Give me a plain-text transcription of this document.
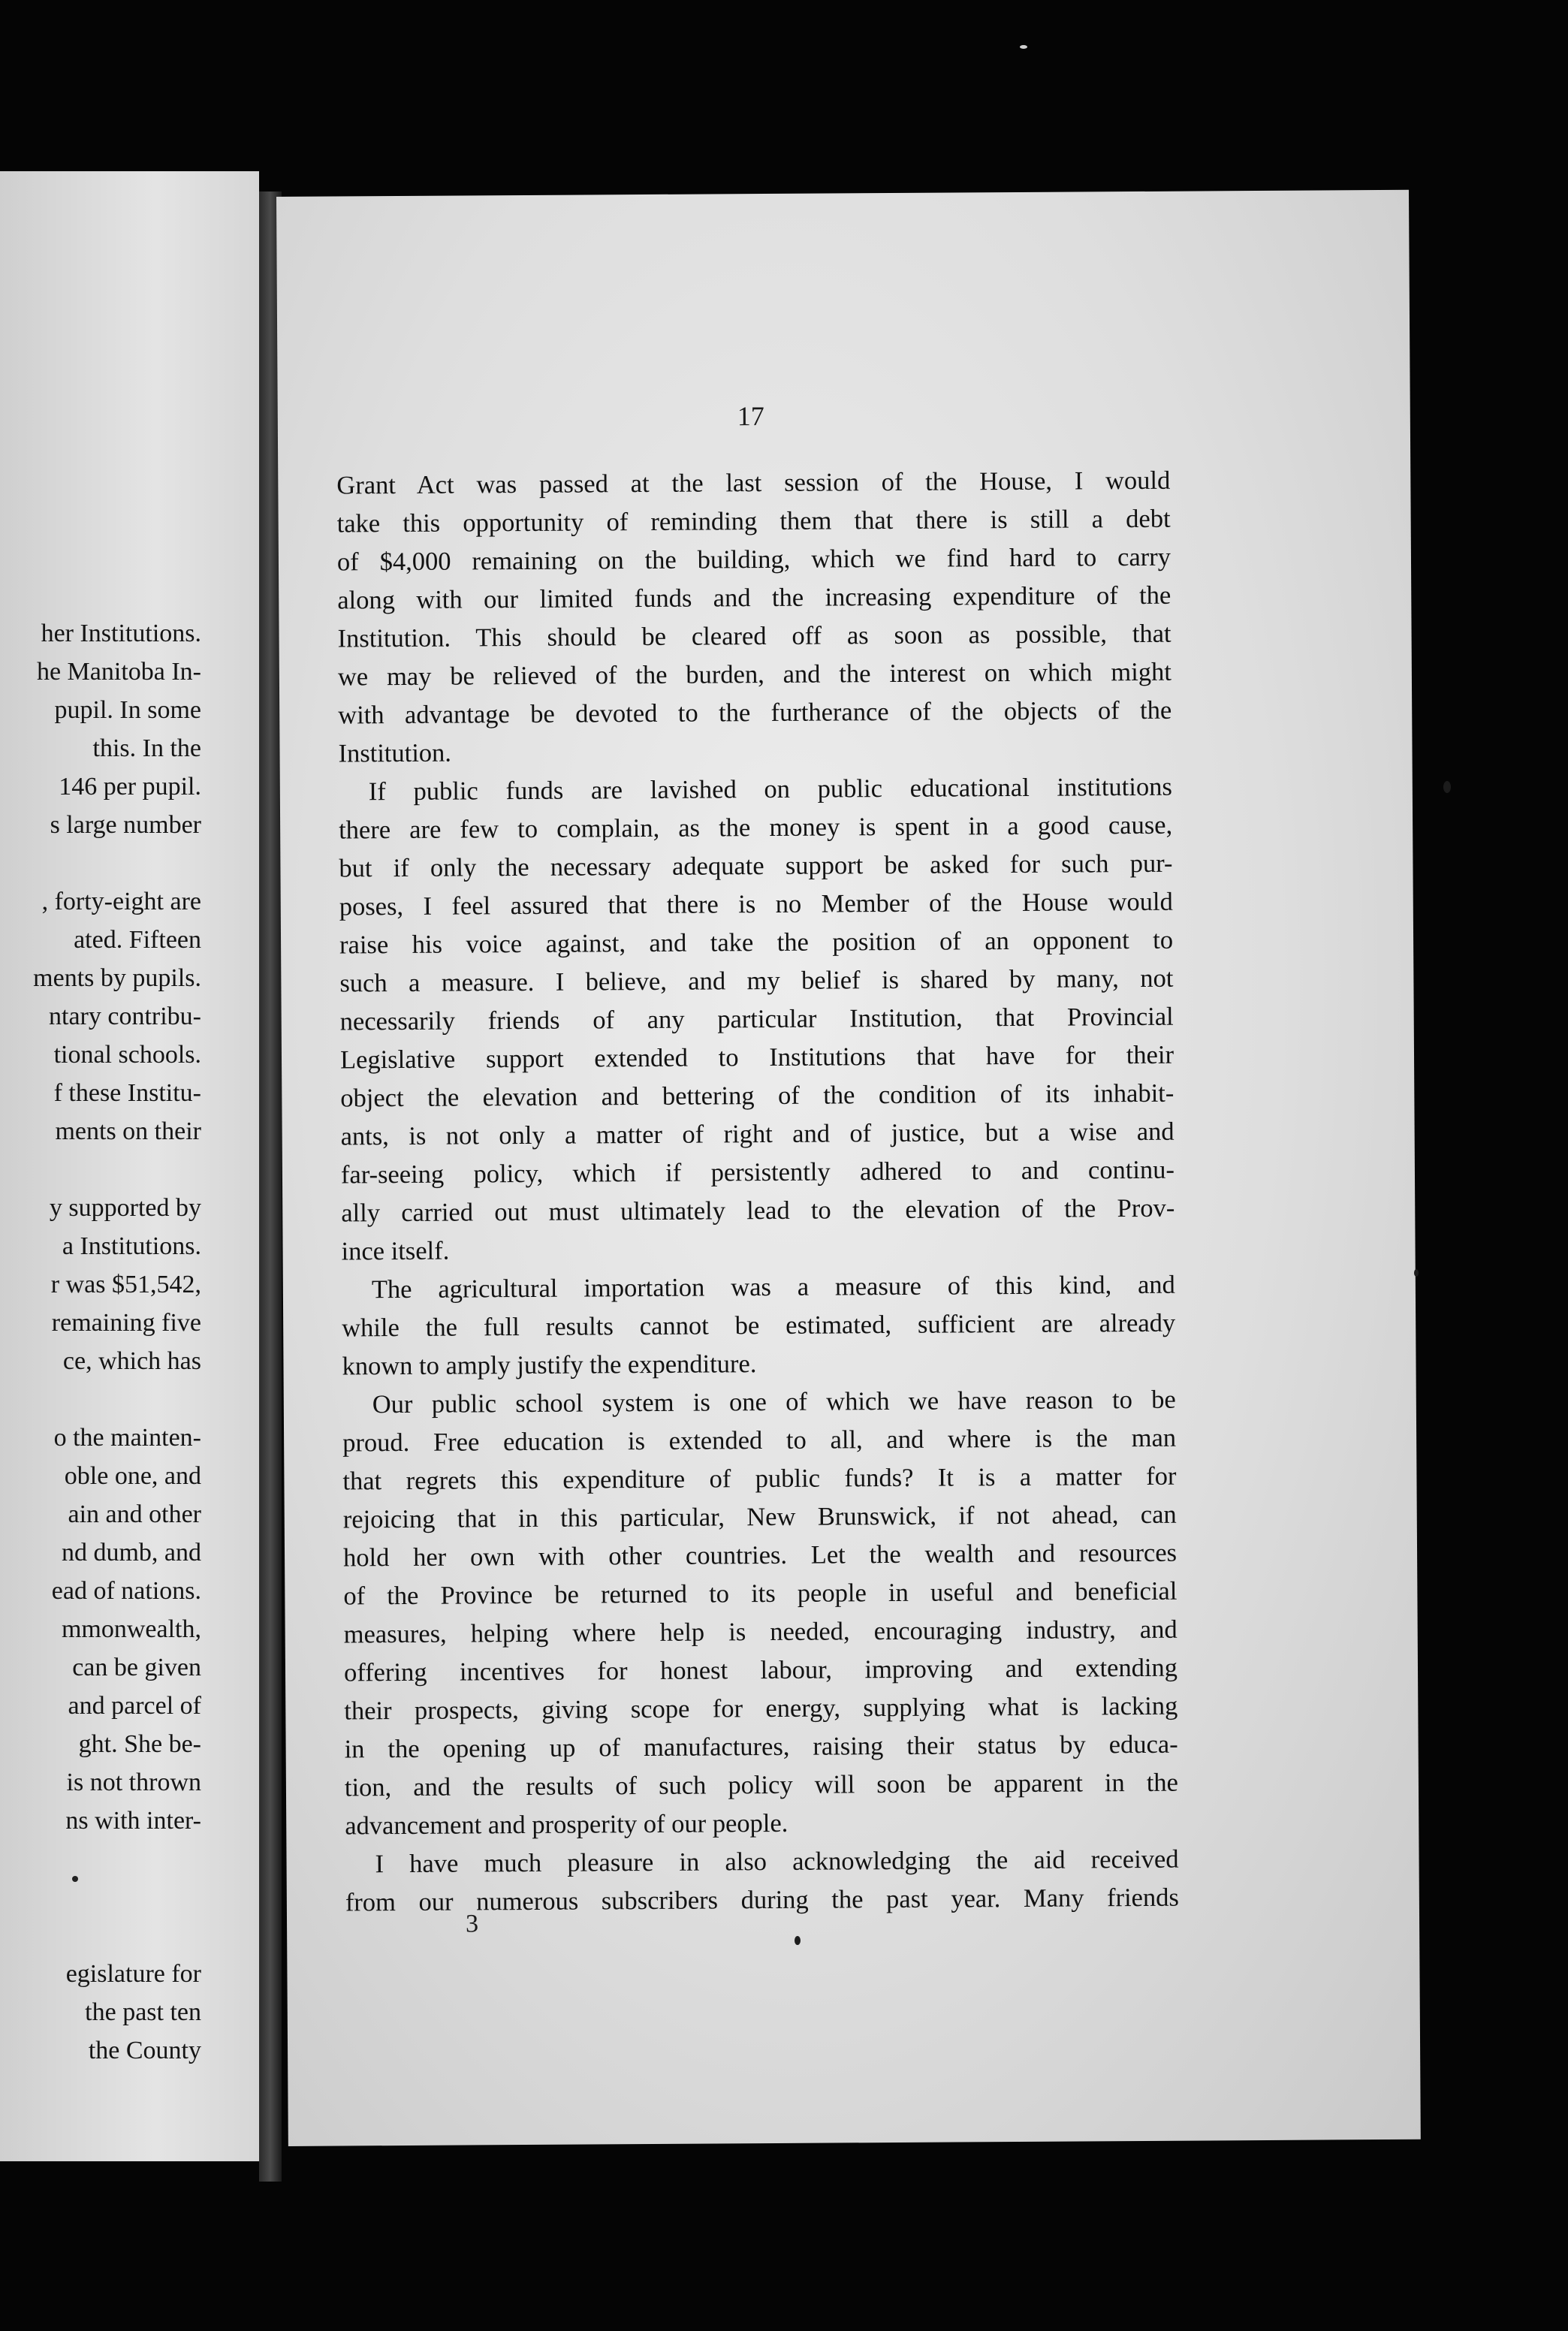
her Institutions.
he Manitoba In-
pupil. In some
this. In the
146 per pupil.
s large number
, forty-eight are
ated. Fifteen
ments by pupils.
ntary contribu-
tional schools.
f these Institu-
ments on their
y supported by
a Institutions.
r was $51,542,
remaining five
ce, which has
o the mainten-
oble one, and
ain and other
nd dumb, and
ead of nations.
mmonwealth,
can be given
and parcel of
ght. She be-
is not thrown
ns with inter-
egislature for
the past ten
the County
17
Grant Act was passed at the last session of the House, I would
take this opportunity of reminding them that there is still a debt
of $4,000 remaining on the building, which we find hard to carry
along with our limited funds and the increasing expenditure of the
Institution. This should be cleared off as soon as possible, that
we may be relieved of the burden, and the interest on which might
with advantage be devoted to the furtherance of the objects of the
Institution.
If public funds are lavished on public educational institutions
there are few to complain, as the money is spent in a good cause,
but if only the necessary adequate support be asked for such pur-
poses, I feel assured that there is no Member of the House would
raise his voice against, and take the position of an opponent to
such a measure. I believe, and my belief is shared by many, not
necessarily friends of any particular Institution, that Provincial
Legislative support extended to Institutions that have for their
object the elevation and bettering of the condition of its inhabit-
ants, is not only a matter of right and of justice, but a wise and
far-seeing policy, which if persistently adhered to and continu-
ally carried out must ultimately lead to the elevation of the Prov-
ince itself.
The agricultural importation was a measure of this kind, and
while the full results cannot be estimated, sufficient are already
known to amply justify the expenditure.
Our public school system is one of which we have reason to be
proud. Free education is extended to all, and where is the man
that regrets this expenditure of public funds? It is a matter for
rejoicing that in this particular, New Brunswick, if not ahead, can
hold her own with other countries. Let the wealth and resources
of the Province be returned to its people in useful and beneficial
measures, helping where help is needed, encouraging industry, and
offering incentives for honest labour, improving and extending
their prospects, giving scope for energy, supplying what is lacking
in the opening up of manufactures, raising their status by educa-
tion, and the results of such policy will soon be apparent in the
advancement and prosperity of our people.
I have much pleasure in also acknowledging the aid received
from our numerous subscribers during the past year. Many friends
3
